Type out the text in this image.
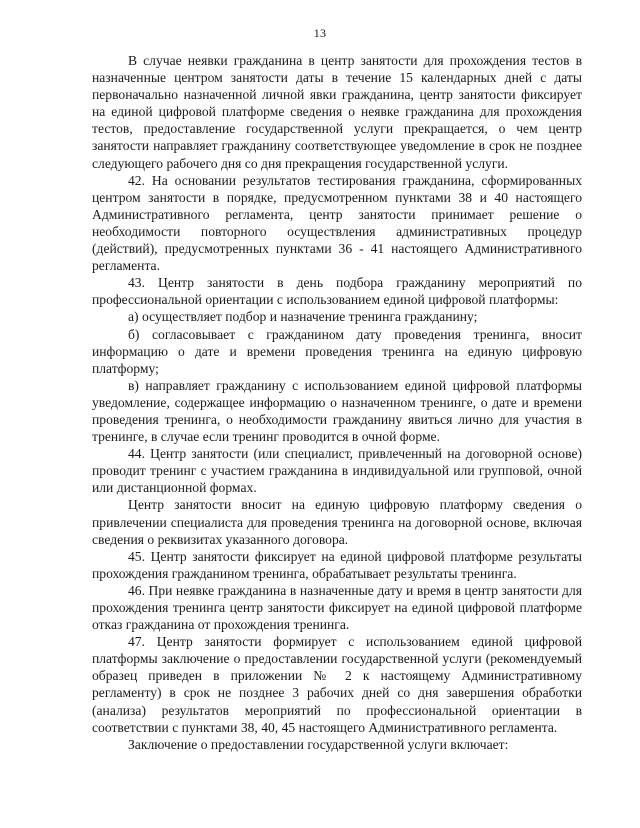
13

В случае неявки гражданина в центр занятости для прохождения тестов в назначенные центром занятости даты в течение 15 календарных дней с даты первоначально назначенной личной явки гражданина, центр занятости фиксирует на единой цифровой платформе сведения о неявке гражданина для прохождения тестов, предоставление государственной услуги прекращается, о чем центр занятости направляет гражданину соответствующее уведомление в срок не позднее следующего рабочего дня со дня прекращения государственной услуги.

42. На основании результатов тестирования гражданина, сформированных центром занятости в порядке, предусмотренном пунктами 38 и 40 настоящего Административного регламента, центр занятости принимает решение о необходимости повторного осуществления административных процедур (действий), предусмотренных пунктами 36 - 41 настоящего Административного регламента.

43. Центр занятости в день подбора гражданину мероприятий по профессиональной ориентации с использованием единой цифровой платформы:

а) осуществляет подбор и назначение тренинга гражданину;

б) согласовывает с гражданином дату проведения тренинга, вносит информацию о дате и времени проведения тренинга на единую цифровую платформу;

в) направляет гражданину с использованием единой цифровой платформы уведомление, содержащее информацию о назначенном тренинге, о дате и времени проведения тренинга, о необходимости гражданину явиться лично для участия в тренинге, в случае если тренинг проводится в очной форме.

44. Центр занятости (или специалист, привлеченный на договорной основе) проводит тренинг с участием гражданина в индивидуальной или групповой, очной или дистанционной формах.

Центр занятости вносит на единую цифровую платформу сведения о привлечении специалиста для проведения тренинга на договорной основе, включая сведения о реквизитах указанного договора.

45. Центр занятости фиксирует на единой цифровой платформе результаты прохождения гражданином тренинга, обрабатывает результаты тренинга.

46. При неявке гражданина в назначенные дату и время в центр занятости для прохождения тренинга центр занятости фиксирует на единой цифровой платформе отказ гражданина от прохождения тренинга.

47. Центр занятости формирует с использованием единой цифровой платформы заключение о предоставлении государственной услуги (рекомендуемый образец приведен в приложении № 2 к настоящему Административному регламенту) в срок не позднее 3 рабочих дней со дня завершения обработки (анализа) результатов мероприятий по профессиональной ориентации в соответствии с пунктами 38, 40, 45 настоящего Административного регламента.

Заключение о предоставлении государственной услуги включает:
